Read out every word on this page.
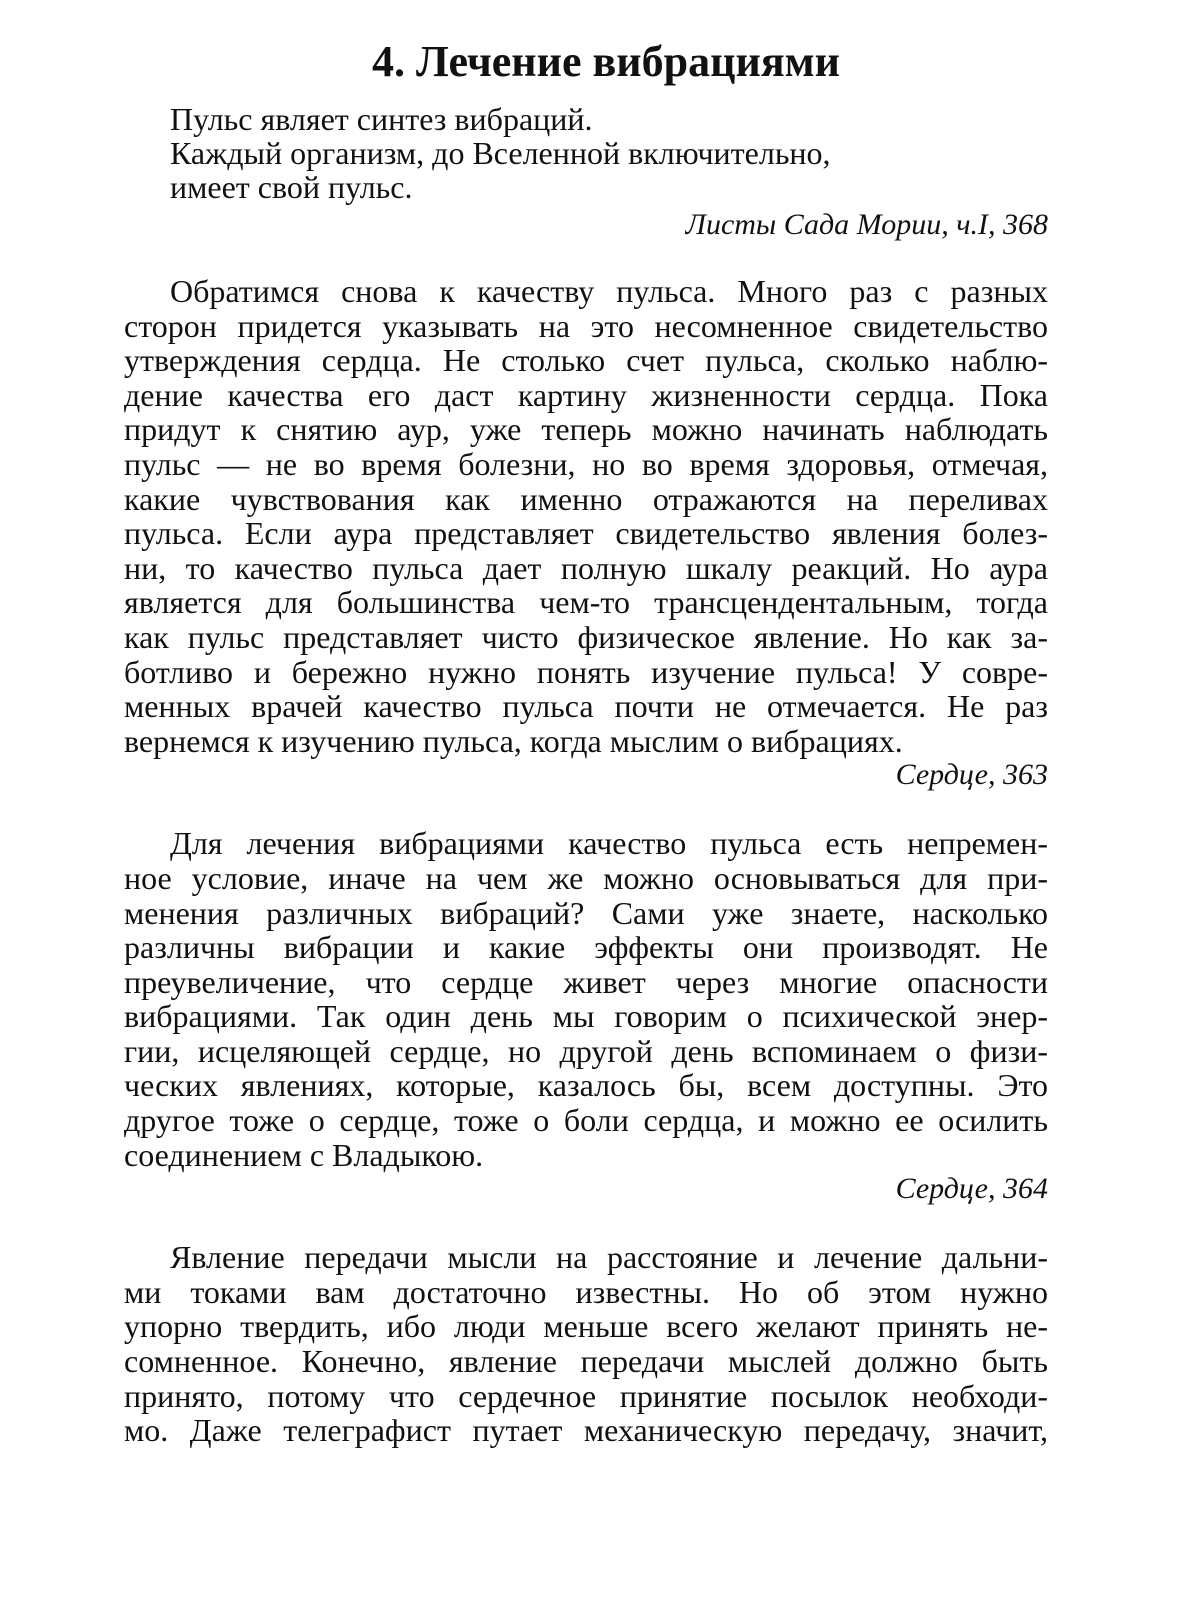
4. Лечение вибрациями
Пульс являет синтез вибраций.
Каждый организм, до Вселенной включительно,
имеет свой пульс.
Листы Сада Мории, ч.I, 368
Обратимся снова к качеству пульса. Много раз с разных
сторон придется указывать на это несомненное свидетельство
утверждения сердца. Не столько счет пульса, сколько наблю-
дение качества его даст картину жизненности сердца. Пока
придут к снятию аур, уже теперь можно начинать наблюдать
пульс — не во время болезни, но во время здоровья, отмечая,
какие чувствования как именно отражаются на переливах
пульса. Если аура представляет свидетельство явления болез-
ни, то качество пульса дает полную шкалу реакций. Но аура
является для большинства чем-то трансцендентальным, тогда
как пульс представляет чисто физическое явление. Но как за-
ботливо и бережно нужно понять изучение пульса! У совре-
менных врачей качество пульса почти не отмечается. Не раз
вернемся к изучению пульса, когда мыслим о вибрациях.
Сердце, 363
Для лечения вибрациями качество пульса есть непремен-
ное условие, иначе на чем же можно основываться для при-
менения различных вибраций? Сами уже знаете, насколько
различны вибрации и какие эффекты они производят. Не
преувеличение, что сердце живет через многие опасности
вибрациями. Так один день мы говорим о психической энер-
гии, исцеляющей сердце, но другой день вспоминаем о физи-
ческих явлениях, которые, казалось бы, всем доступны. Это
другое тоже о сердце, тоже о боли сердца, и можно ее осилить
соединением с Владыкою.
Сердце, 364
Явление передачи мысли на расстояние и лечение дальни-
ми токами вам достаточно известны. Но об этом нужно
упорно твердить, ибо люди меньше всего желают принять не-
сомненное. Конечно, явление передачи мыслей должно быть
принято, потому что сердечное принятие посылок необходи-
мо. Даже телеграфист путает механическую передачу, значит,
